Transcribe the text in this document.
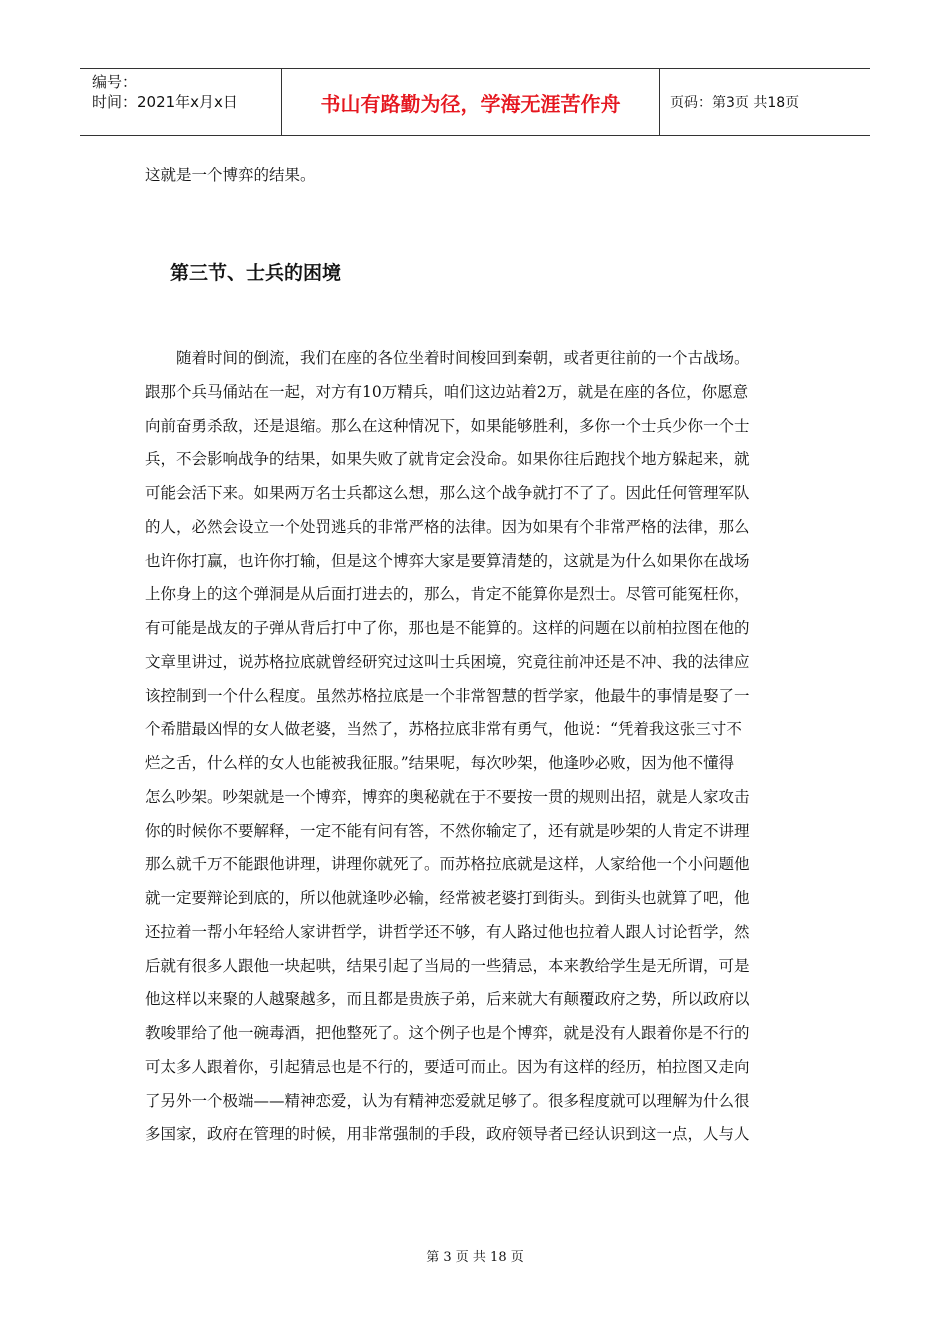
编号：
时间：2021年x月x日	书山有路勤为径，学海无涯苦作舟	页码：第3页 共18页
这就是一个博弈的结果。
第三节、士兵的困境
随着时间的倒流，我们在座的各位坐着时间梭回到秦朝，或者更往前的一个古战场。
跟那个兵马俑站在一起，对方有10万精兵，咱们这边站着2万，就是在座的各位，你愿意
向前奋勇杀敌，还是退缩。那么在这种情况下，如果能够胜利，多你一个士兵少你一个士
兵，不会影响战争的结果，如果失败了就肯定会没命。如果你往后跑找个地方躲起来，就
可能会活下来。如果两万名士兵都这么想，那么这个战争就打不了了。因此任何管理军队
的人，必然会设立一个处罚逃兵的非常严格的法律。因为如果有个非常严格的法律，那么
也许你打赢，也许你打输，但是这个博弈大家是要算清楚的，这就是为什么如果你在战场
上你身上的这个弹洞是从后面打进去的，那么，肯定不能算你是烈士。尽管可能冤枉你，
有可能是战友的子弹从背后打中了你，那也是不能算的。这样的问题在以前柏拉图在他的
文章里讲过，说苏格拉底就曾经研究过这叫士兵困境，究竟往前冲还是不冲、我的法律应
该控制到一个什么程度。虽然苏格拉底是一个非常智慧的哲学家，他最牛的事情是娶了一
个希腊最凶悍的女人做老婆，当然了，苏格拉底非常有勇气，他说：“凭着我这张三寸不
烂之舌，什么样的女人也能被我征服。”结果呢，每次吵架，他逢吵必败，因为他不懂得
怎么吵架。吵架就是一个博弈，博弈的奥秘就在于不要按一贯的规则出招，就是人家攻击
你的时候你不要解释，一定不能有问有答，不然你输定了，还有就是吵架的人肯定不讲理
那么就千万不能跟他讲理，讲理你就死了。而苏格拉底就是这样，人家给他一个小问题他
就一定要辩论到底的，所以他就逢吵必输，经常被老婆打到街头。到街头也就算了吧，他
还拉着一帮小年轻给人家讲哲学，讲哲学还不够，有人路过他也拉着人跟人讨论哲学，然
后就有很多人跟他一块起哄，结果引起了当局的一些猜忌，本来教给学生是无所谓，可是
他这样以来聚的人越聚越多，而且都是贵族子弟，后来就大有颠覆政府之势，所以政府以
教唆罪给了他一碗毒酒，把他整死了。这个例子也是个博弈，就是没有人跟着你是不行的
可太多人跟着你，引起猜忌也是不行的，要适可而止。因为有这样的经历，柏拉图又走向
了另外一个极端——精神恋爱，认为有精神恋爱就足够了。很多程度就可以理解为什么很
多国家，政府在管理的时候，用非常强制的手段，政府领导者已经认识到这一点，人与人
第 3 页 共 18 页
